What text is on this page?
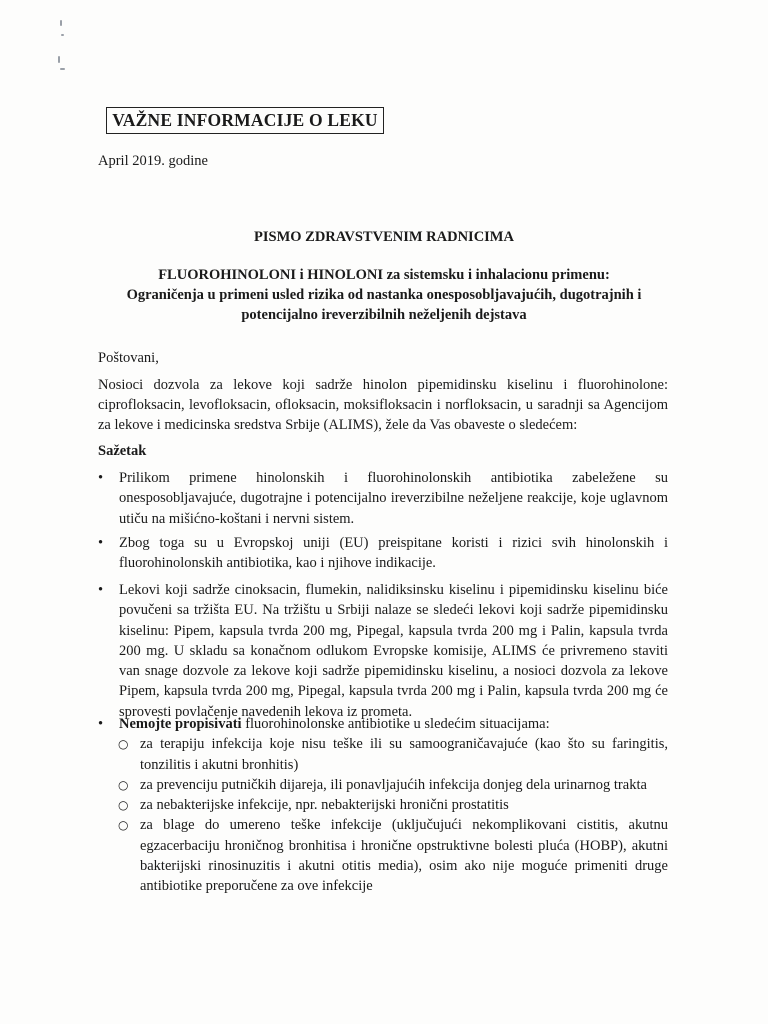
VAŽNE INFORMACIJE O LEKU
April 2019. godine
PISMO ZDRAVSTVENIM RADNICIMA
FLUOROHINOLONI i HINOLONI za sistemsku i inhalacionu primenu:
Ograničenja u primeni usled rizika od nastanka onesposobljavajućih, dugotrajnih i
potencijalno ireverzibilnih neželjenih dejstava
Poštovani,
Nosioci dozvola za lekove koji sadrže hinolon pipemidinsku kiselinu i fluorohinolone: ciprofloksacin, levofloksacin, ofloksacin, moksifloksacin i norfloksacin, u saradnji sa Agencijom za lekove i medicinska sredstva Srbije (ALIMS), žele da Vas obaveste o sledećem:
Sažetak
•	Prilikom primene hinolonskih i fluorohinolonskih antibiotika zabeležene su onesposobljavajuće, dugotrajne i potencijalno ireverzibilne neželjene reakcije, koje uglavnom utiču na mišićno-koštani i nervni sistem.
•	Zbog toga su u Evropskoj uniji (EU) preispitane koristi i rizici svih hinolonskih i fluorohinolonskih antibiotika, kao i njihove indikacije.
•	Lekovi koji sadrže cinoksacin, flumekin, nalidiksinsku kiselinu i pipemidinsku kiselinu biće povučeni sa tržišta EU. Na tržištu u Srbiji nalaze se sledeći lekovi koji sadrže pipemidinsku kiselinu: Pipem, kapsula tvrda 200 mg, Pipegal, kapsula tvrda 200 mg i Palin, kapsula tvrda 200 mg. U skladu sa konačnom odlukom Evropske komisije, ALIMS će privremeno staviti van snage dozvole za lekove koji sadrže pipemidinsku kiselinu, a nosioci dozvola za lekove Pipem, kapsula tvrda 200 mg, Pipegal, kapsula tvrda 200 mg i Palin, kapsula tvrda 200 mg će sprovesti povlačenje navedenih lekova iz prometa.
•	Nemojte propisivati fluorohinolonske antibiotike u sledećim situacijama:
○ za terapiju infekcija koje nisu teške ili su samoograničavajuće (kao što su faringitis, tonzilitis i akutni bronhitis)
○ za prevenciju putničkih dijareja, ili ponavljajućih infekcija donjeg dela urinarnog trakta
○ za nebakterijske infekcije, npr. nebakterijski hronični prostatitis
○ za blage do umereno teške infekcije (uključujući nekomplikovani cistitis, akutnu egzacerbaciju hroničnog bronhitisa i hronične opstruktivne bolesti pluća (HOBP), akutni bakterijski rinosinuzitis i akutni otitis media), osim ako nije moguće primeniti druge antibiotike preporučene za ove infekcije
